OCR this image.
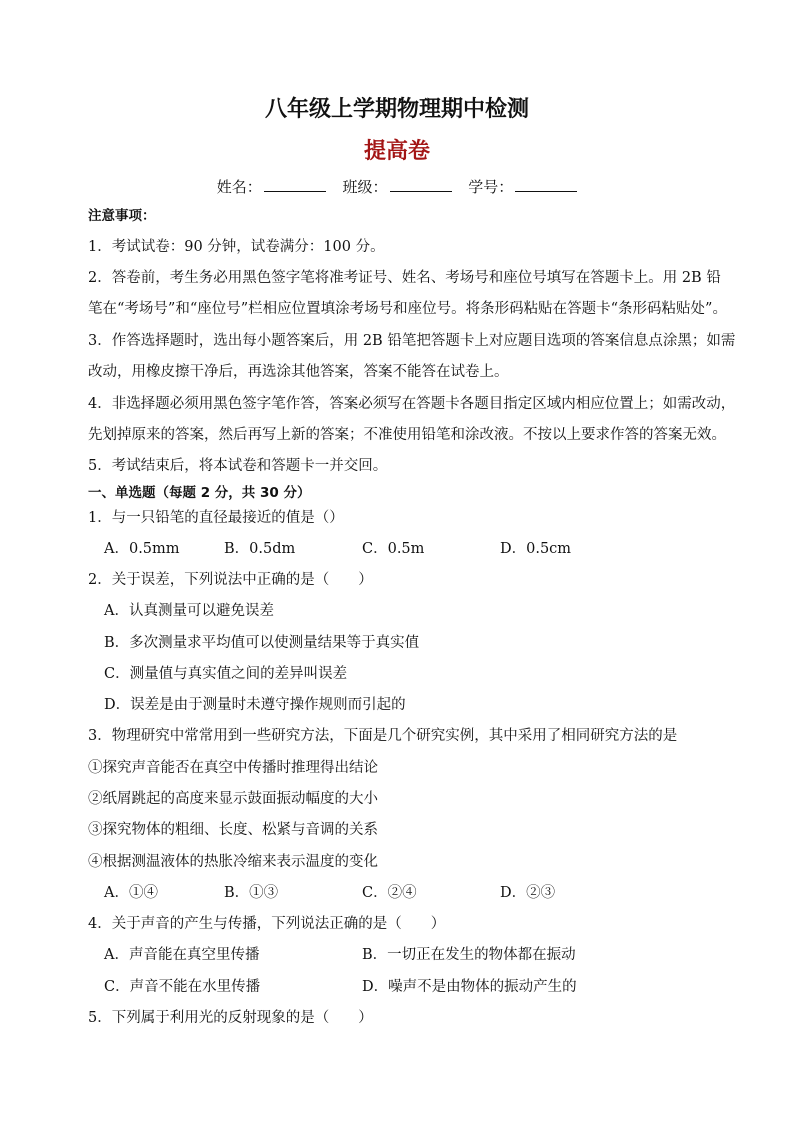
八年级上学期物理期中检测
提高卷
姓名：	班级：	学号：
注意事项：
1．考试试卷：90 分钟，试卷满分：100 分。
2．答卷前，考生务必用黑色签字笔将准考证号、姓名、考场号和座位号填写在答题卡上。用 2B 铅
笔在“考场号”和“座位号”栏相应位置填涂考场号和座位号。将条形码粘贴在答题卡“条形码粘贴处”。
3．作答选择题时，选出每小题答案后，用 2B 铅笔把答题卡上对应题目选项的答案信息点涂黑；如需
改动，用橡皮擦干净后，再选涂其他答案，答案不能答在试卷上。
4．非选择题必须用黑色签字笔作答，答案必须写在答题卡各题目指定区域内相应位置上；如需改动，
先划掉原来的答案，然后再写上新的答案；不准使用铅笔和涂改液。不按以上要求作答的答案无效。
5．考试结束后，将本试卷和答题卡一并交回。
一、单选题（每题 2 分，共 30 分）
1．与一只铅笔的直径最接近的值是（）
A．0.5mm	B．0.5dm	C．0.5m	D．0.5cm
2．关于误差，下列说法中正确的是（　　）
A．认真测量可以避免误差
B．多次测量求平均值可以使测量结果等于真实值
C．测量值与真实值之间的差异叫误差
D．误差是由于测量时未遵守操作规则而引起的
3．物理研究中常常用到一些研究方法，下面是几个研究实例，其中采用了相同研究方法的是
①探究声音能否在真空中传播时推理得出结论
②纸屑跳起的高度来显示鼓面振动幅度的大小
③探究物体的粗细、长度、松紧与音调的关系
④根据测温液体的热胀冷缩来表示温度的变化
A．①④	B．①③	C．②④	D．②③
4．关于声音的产生与传播，下列说法正确的是（　　）
A．声音能在真空里传播	B．一切正在发生的物体都在振动
C．声音不能在水里传播	D．噪声不是由物体的振动产生的
5．下列属于利用光的反射现象的是（　　）
